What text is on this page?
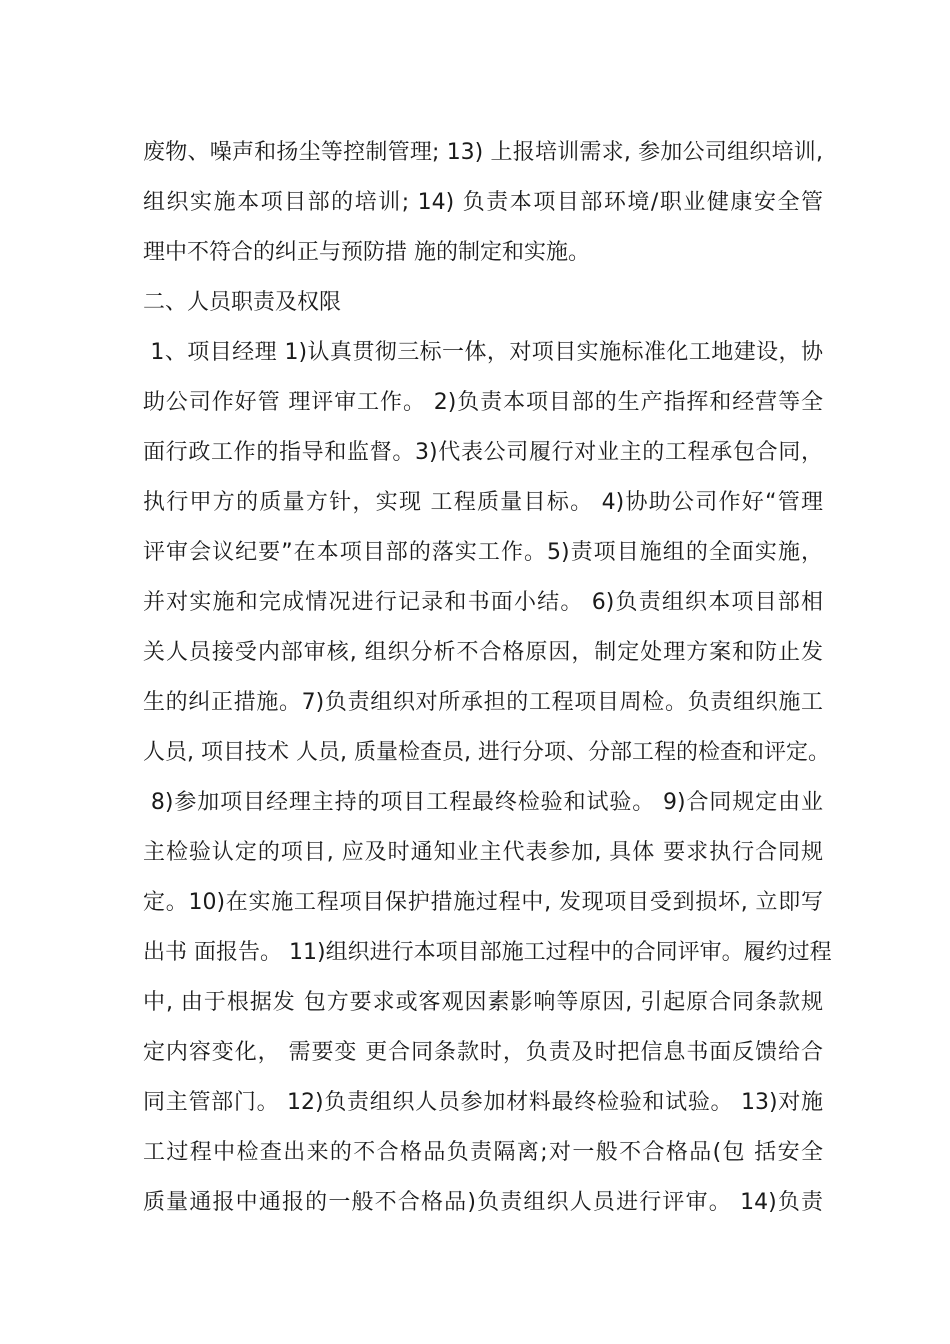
废物、噪声和扬尘等控制管理; 13) 上报培训需求, 参加公司组织培训,
组织实施本项目部的培训; 14) 负责本项目部环境/职业健康安全管
理中不符合的纠正与预防措 施的制定和实施。
二、人员职责及权限
1、项目经理 1)认真贯彻三标一体，对项目实施标准化工地建设，协
助公司作好管 理评审工作。 2)负责本项目部的生产指挥和经营等全
面行政工作的指导和监督。3)代表公司履行对业主的工程承包合同，
执行甲方的质量方针，实现 工程质量目标。 4)协助公司作好“管理
评审会议纪要”在本项目部的落实工作。5)责项目施组的全面实施，
并对实施和完成情况进行记录和书面小结。 6)负责组织本项目部相
关人员接受内部审核, 组织分析不合格原因，制定处理方案和防止发
生的纠正措施。7)负责组织对所承担的工程项目周检。负责组织施工
人员, 项目技术 人员, 质量检查员, 进行分项、分部工程的检查和评定。
8)参加项目经理主持的项目工程最终检验和试验。 9)合同规定由业
主检验认定的项目, 应及时通知业主代表参加, 具体 要求执行合同规
定。10)在实施工程项目保护措施过程中, 发现项目受到损坏, 立即写
出书 面报告。 11)组织进行本项目部施工过程中的合同评审。履约过程
中, 由于根据发 包方要求或客观因素影响等原因, 引起原合同条款规
定内容变化， 需要变 更合同条款时，负责及时把信息书面反馈给合
同主管部门。 12)负责组织人员参加材料最终检验和试验。 13)对施
工过程中检查出来的不合格品负责隔离;对一般不合格品(包 括安全
质量通报中通报的一般不合格品)负责组织人员进行评审。 14)负责
